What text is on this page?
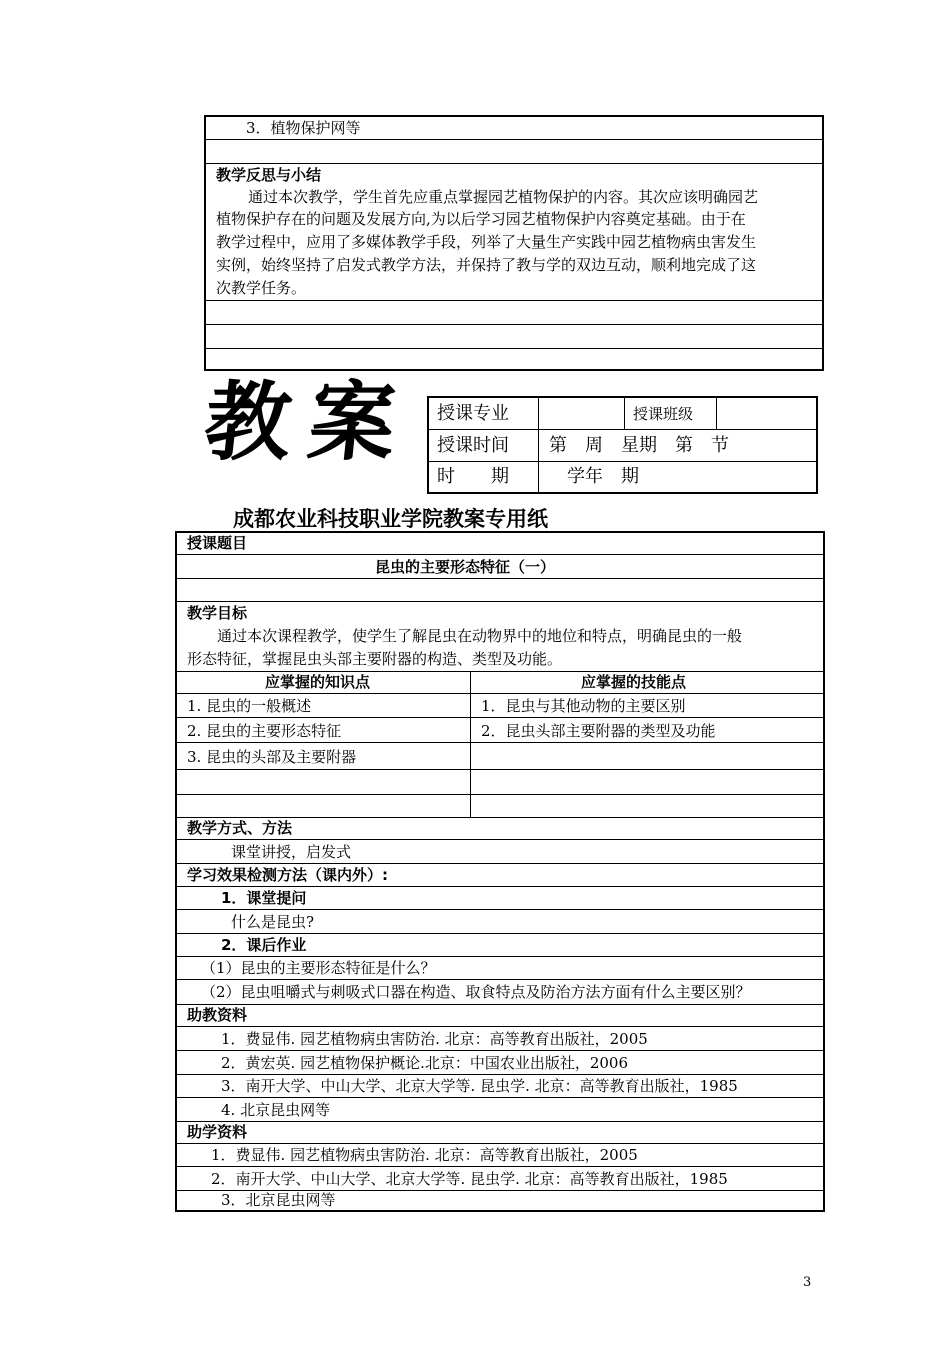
3．植物保护网等
教学反思与小结
通过本次教学，学生首先应重点掌握园艺植物保护的内容。其次应该明确园艺
植物保护存在的问题及发展方向,为以后学习园艺植物保护内容奠定基础。由于在
教学过程中，应用了多媒体教学手段，列举了大量生产实践中园艺植物病虫害发生
实例，始终坚持了启发式教学方法，并保持了教与学的双边互动，顺利地完成了这
次教学任务。
教案 授课专业	授课班级
授课时间 第　周　星期　第　节
时　　期	学年　期
成都农业科技职业学院教案专用纸
授课题目
昆虫的主要形态特征（一）
教学目标
通过本次课程教学，使学生了解昆虫在动物界中的地位和特点，明确昆虫的一般
形态特征，掌握昆虫头部主要附器的构造、类型及功能。
应掌握的知识点	应掌握的技能点
1. 昆虫的一般概述	1．昆虫与其他动物的主要区别
2. 昆虫的主要形态特征	2．昆虫头部主要附器的类型及功能
3. 昆虫的头部及主要附器
教学方式、方法
课堂讲授，启发式
学习效果检测方法（课内外）:
1．课堂提问
什么是昆虫?
2．课后作业
（1）昆虫的主要形态特征是什么？
（2）昆虫咀嚼式与刺吸式口器在构造、取食特点及防治方法方面有什么主要区别？
助教资料
1．费显伟. 园艺植物病虫害防治. 北京：高等教育出版社，2005
2．黄宏英. 园艺植物保护概论.北京：中国农业出版社，2006
3．南开大学、中山大学、北京大学等. 昆虫学. 北京：高等教育出版社，1985
4. 北京昆虫网等
助学资料
1．费显伟. 园艺植物病虫害防治. 北京：高等教育出版社，2005
2．南开大学、中山大学、北京大学等. 昆虫学. 北京：高等教育出版社，1985
3．北京昆虫网等
3
